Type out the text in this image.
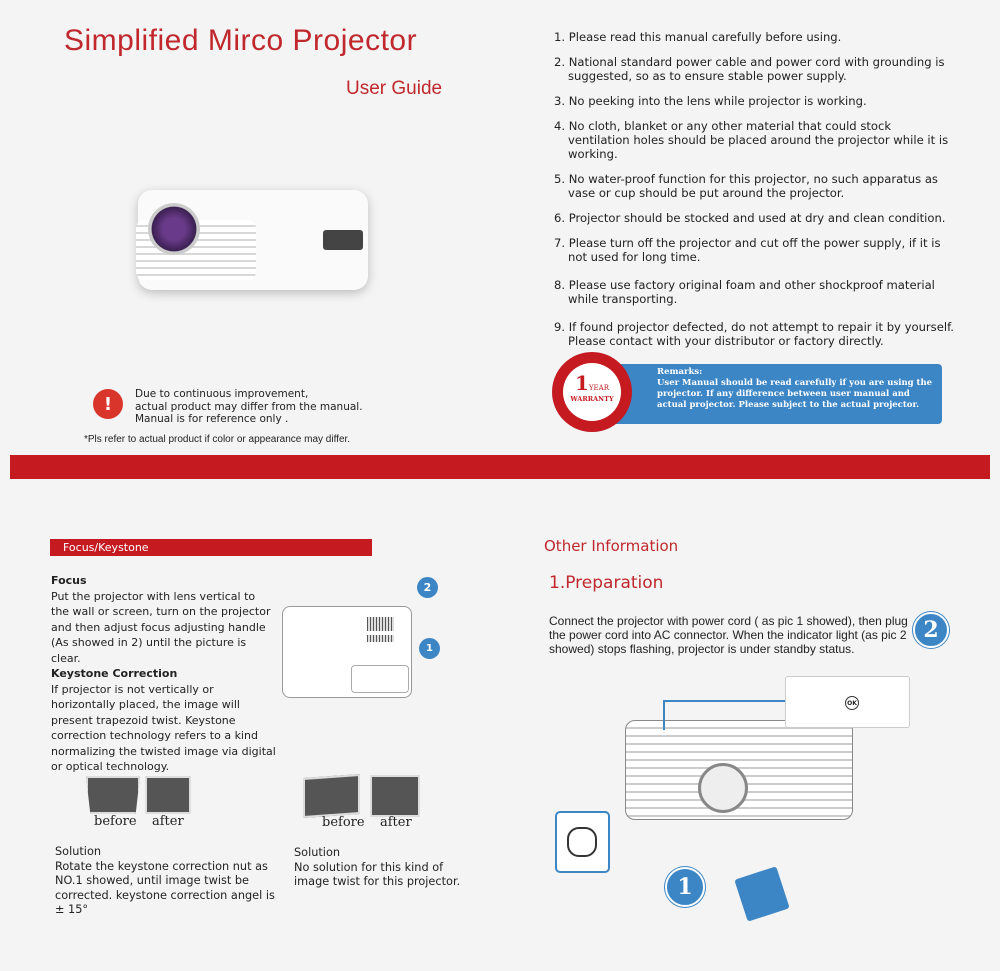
Simplified Mirco Projector
User Guide
1. Please read this manual carefully before using.
2. National standard power cable and power cord with grounding is suggested, so as to ensure stable power supply.
3. No peeking into the lens while projector is working.
4. No cloth, blanket or any other material that could stock ventilation holes should be placed around the projector while it is working.
5. No water-proof function for this projector, no such apparatus as vase or cup should be put around the projector.
6. Projector should be stocked and used at dry and clean condition.
7. Please turn off the projector and cut off the power supply, if it is not used for long time.
8. Please use factory original foam and other shockproof material while transporting.
9. If found projector defected, do not attempt to repair it by yourself. Please contact with your distributor or factory directly.
!	Due to continuous improvement,
actual product may differ from the manual.
Manual is for reference only .
*Pls refer to actual product if color or appearance may differ.
Remarks:
User Manual should be read carefully if you are using the projector. If any difference between user manual and actual projector. Please subject to the actual projector.
1YEAR
WARRANTY
Focus/Keystone
Focus
Put the projector with lens vertical to the wall or screen, turn on the projector and then adjust focus adjusting handle (As showed in 2) until the picture is clear.
Keystone Correction
If projector is not vertically or horizontally placed, the image will present trapezoid twist. Keystone correction technology refers to a kind normalizing the twisted image via digital or optical technology.
2
1
before after	before after
Solution
Rotate the keystone correction nut as NO.1 showed, until image twist be corrected. keystone correction angel is ± 15°
Solution
No solution for this kind of image twist for this projector.
Other Information
1.Preparation
Connect the projector with power cord ( as pic 1 showed), then plug the power cord into AC connector. When the indicator light (as pic 2 showed) stops flashing, projector is under standby status.
2
OK
1
